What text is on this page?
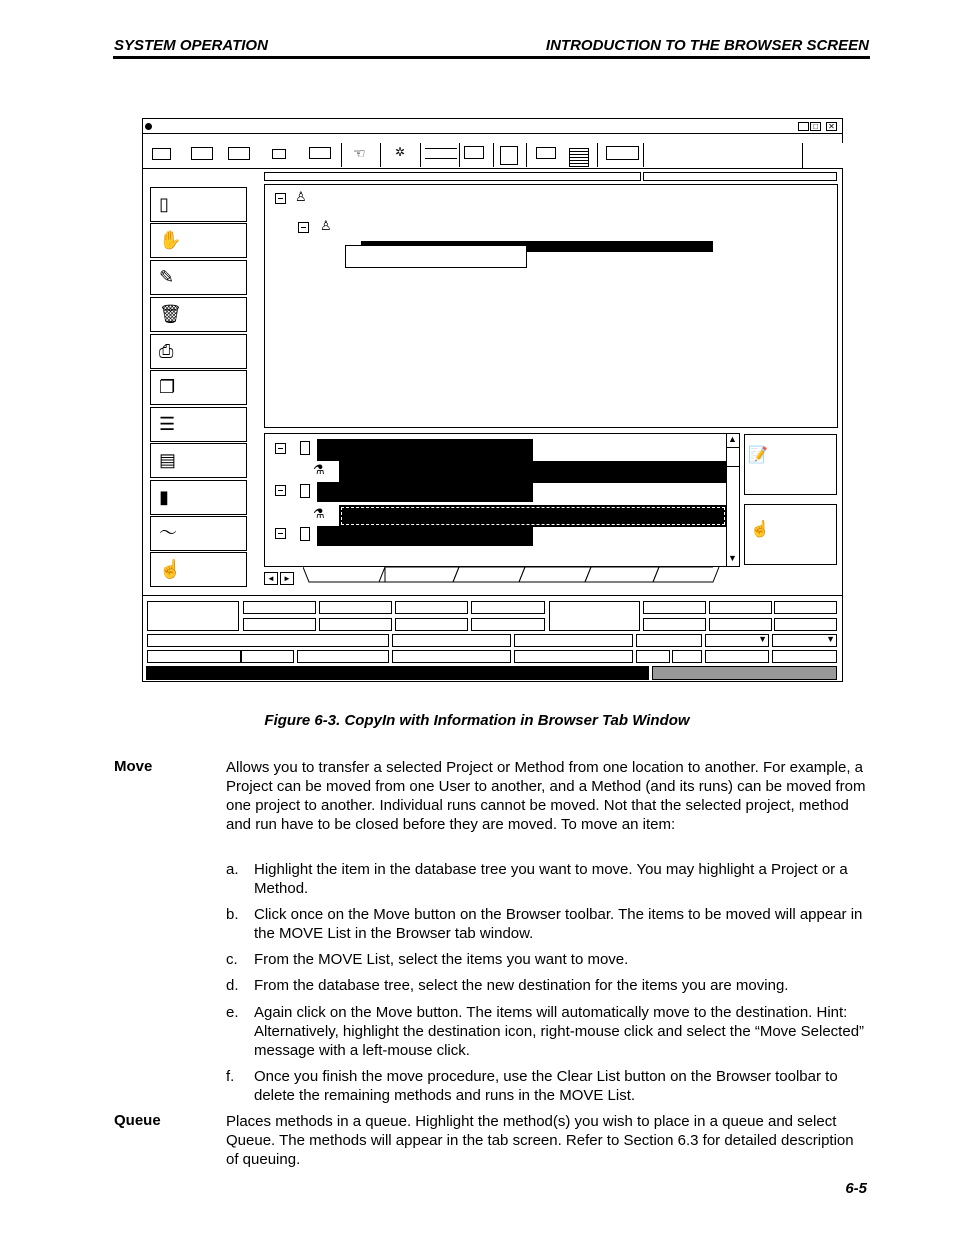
SYSTEM OPERATION	INTRODUCTION TO THE BROWSER SCREEN
_ □	✕
☜ ✲
▯
✋
✎
🗑
⎙
❐
☰
▤
▮
〜
☝
♙
♙
⚗
⚗
▲
▼
📝
☝
◄	►
▼	▼
Figure 6-3. CopyIn with Information in Browser Tab Window
Move	Allows you to transfer a selected Project or Method from one location to another. For example, a Project can be moved from one User to another, and a Method (and its runs) can be moved from one project to another. Individual runs cannot be moved. Not that the selected project, method and run have to be closed before they are moved. To move an item:
a. Highlight the item in the database tree you want to move. You may highlight a Project or a Method.
b. Click once on the Move button on the Browser toolbar. The items to be moved will appear in the MOVE List in the Browser tab window.
c. From the MOVE List, select the items you want to move.
d. From the database tree, select the new destination for the items you are moving.
e. Again click on the Move button. The items will automatically move to the destination. Hint: Alternatively, highlight the destination icon, right-mouse click and select the “Move Selected” message with a left-mouse click.
f. Once you finish the move procedure, use the Clear List button on the Browser toolbar to delete the remaining methods and runs in the MOVE List.
Queue	Places methods in a queue. Highlight the method(s) you wish to place in a queue and select Queue. The methods will appear in the tab screen. Refer to Section 6.3 for detailed description of queuing.
6-5
